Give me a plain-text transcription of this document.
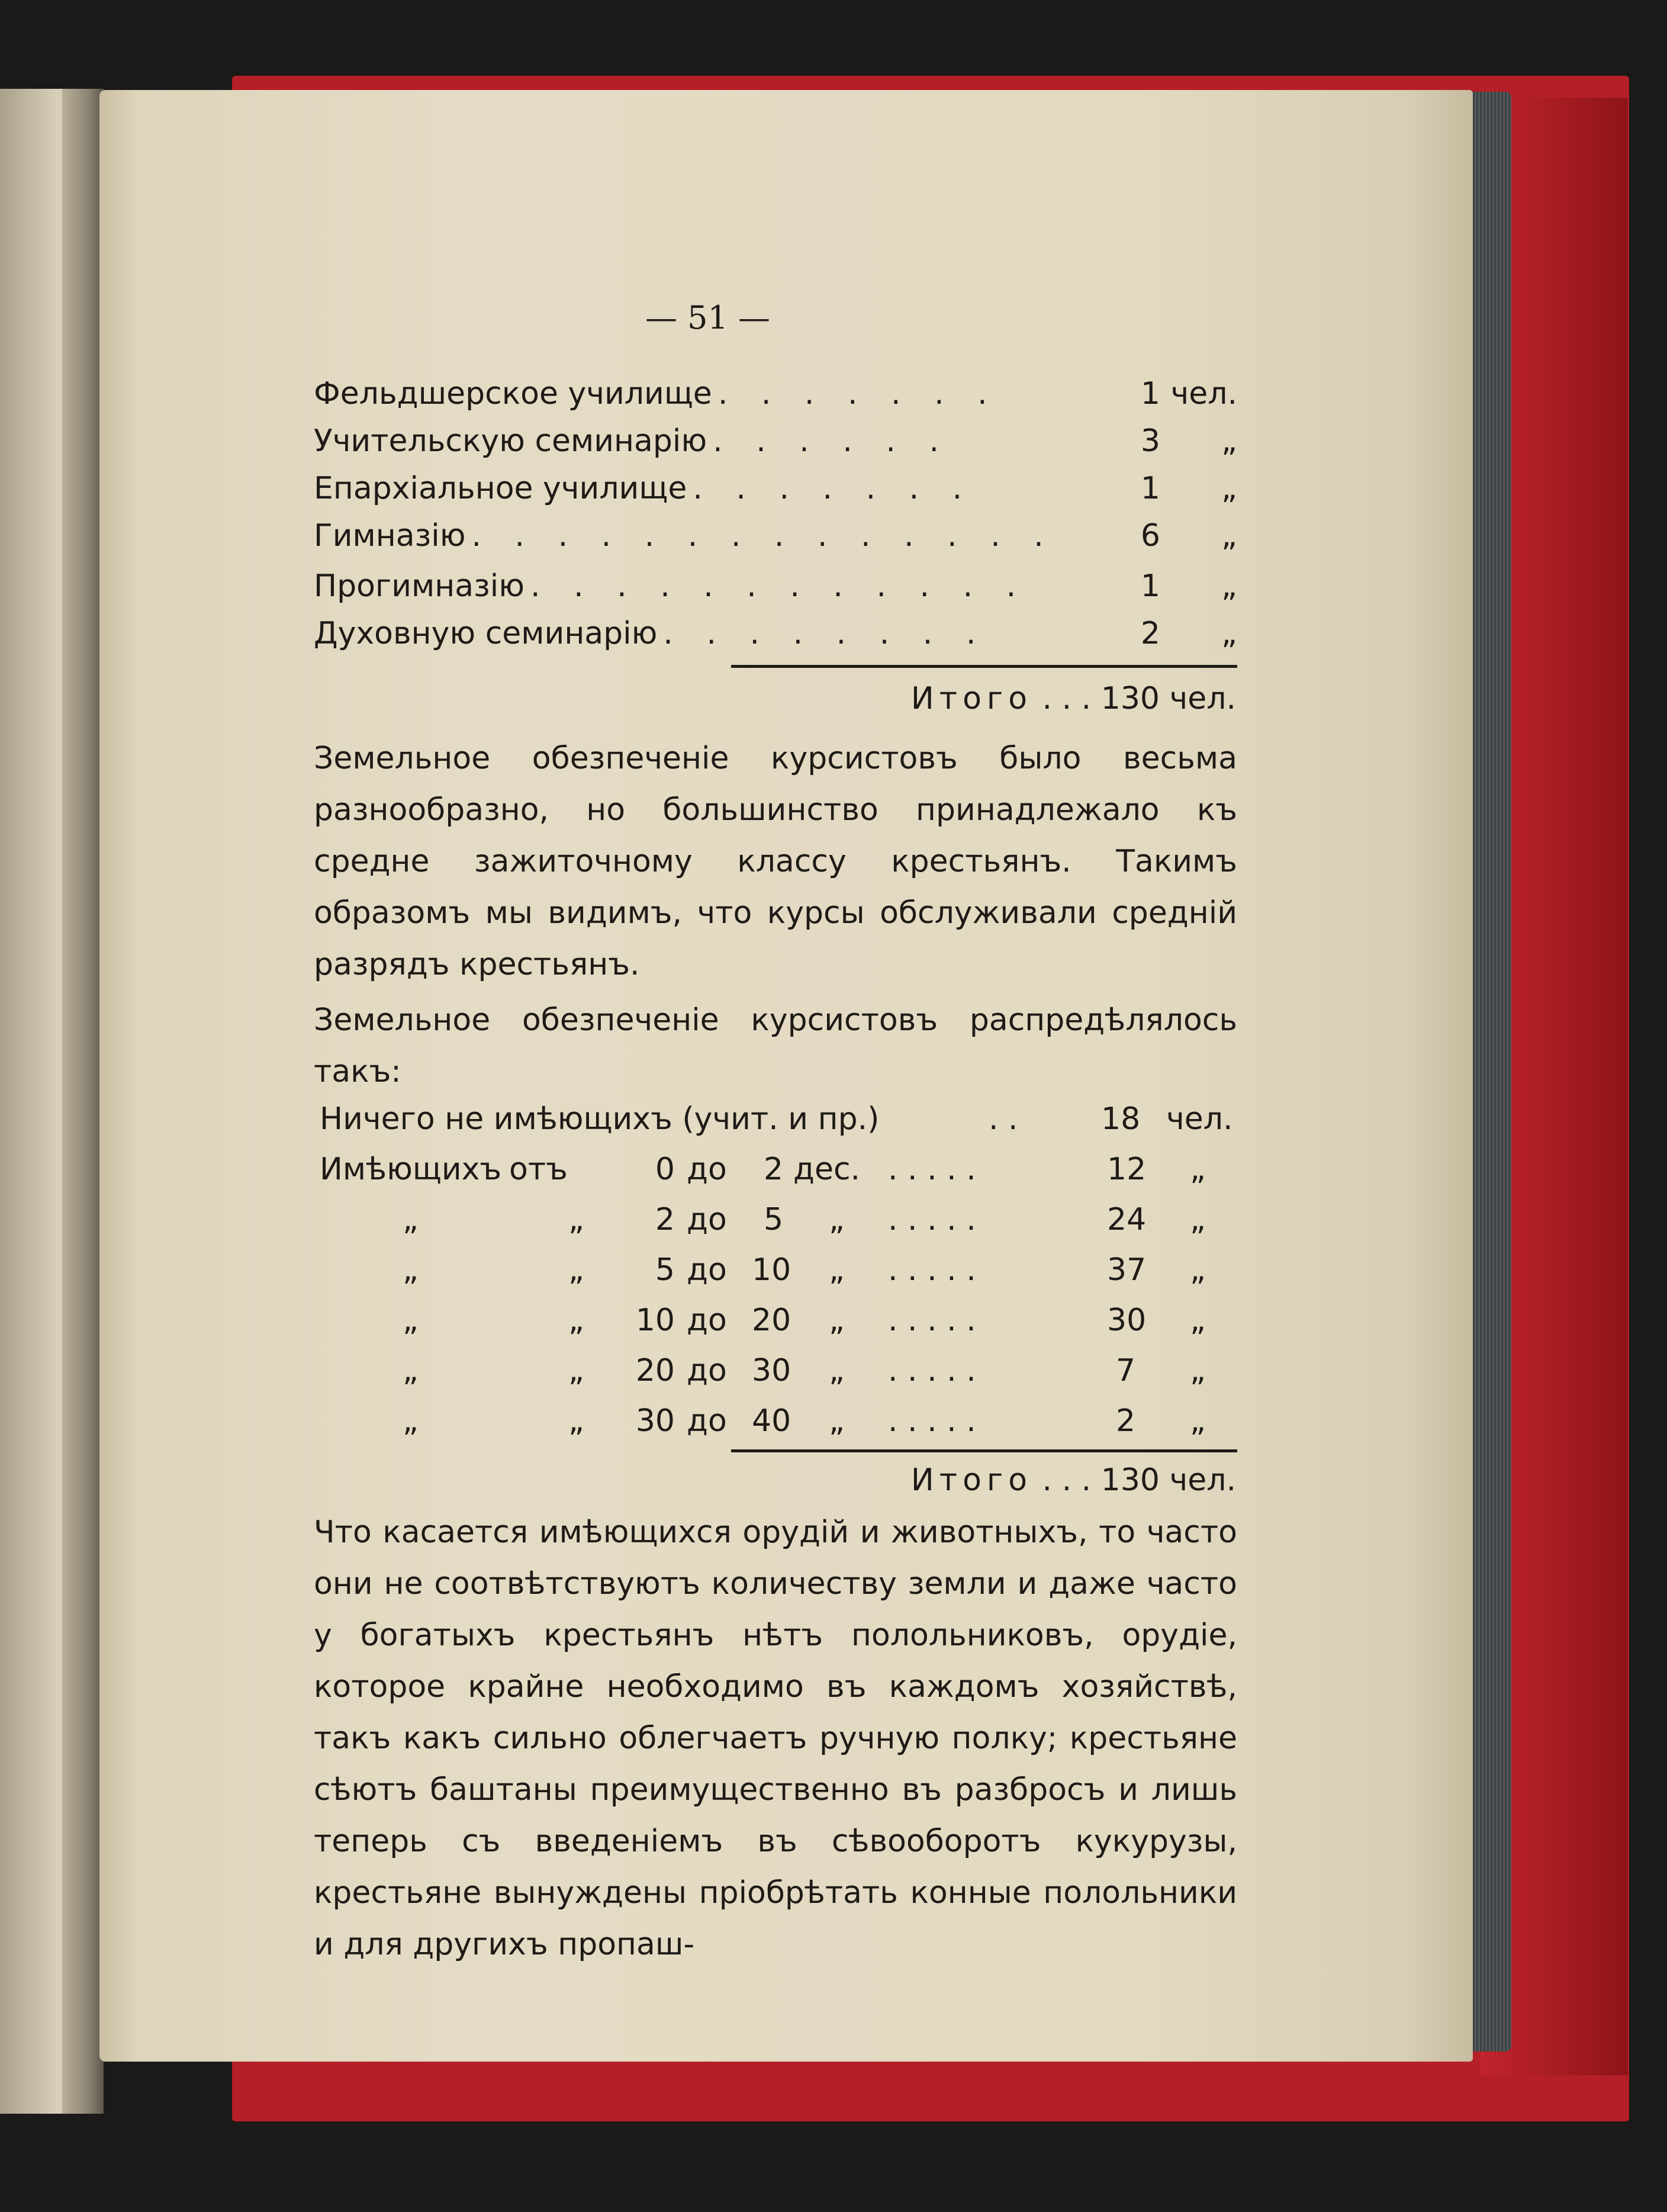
— 51 —
Фельдшерское училище . . . . . . .	1 чел.
Учительскую семинарію . . . . . .	3	„
Епархіальное училище . . . . . . .	1	„
Гимназію . . . . . . . . . . . . . .	6	„
Прогимназію . . . . . . . . . . . .	1	„
Духовную семинарію . . . . . . . .	2	„
Итого . . . 130 чел.

Земельное обезпеченіе курсистовъ было весьма разнообразно, но большинство принадлежало къ средне зажиточному классу крестьянъ. Такимъ образомъ мы видимъ, что курсы обслуживали среднiй разрядъ крестьянъ.

Земельное обезпеченіе курсистовъ распредѣлялось такъ:

Ничего не имѣющихъ (учит. и пр.)	. .	18 чел.
Имѣющихъ отъ	0 до 2 дес. . . . . .	12 „
„	„ 2 до 5 „ . . . . .	24 „
„	„ 5 до 10 „ . . . . .	37 „
„	„ 10 до 20 „ . . . . .	30 „
„	„ 20 до 30 „ . . . . .	7 „
„	„ 30 до 40 „ . . . . .	2 „
Итого . . . 130 чел.

Что касается имѣющихся орудій и животныхъ, то часто они не соотвѣтствуютъ количеству земли и даже часто у богатыхъ крестьянъ нѣтъ полольниковъ, орудіе, которое крайне необходимо въ каждомъ хозяйствѣ, такъ какъ сильно облегчаетъ ручную полку; крестьяне сѣютъ баштаны преимущественно въ разбросъ и лишь теперь съ введеніемъ въ сѣвооборотъ кукурузы, крестьяне вынуждены пріобрѣтать конные полольники и для другихъ пропаш-
